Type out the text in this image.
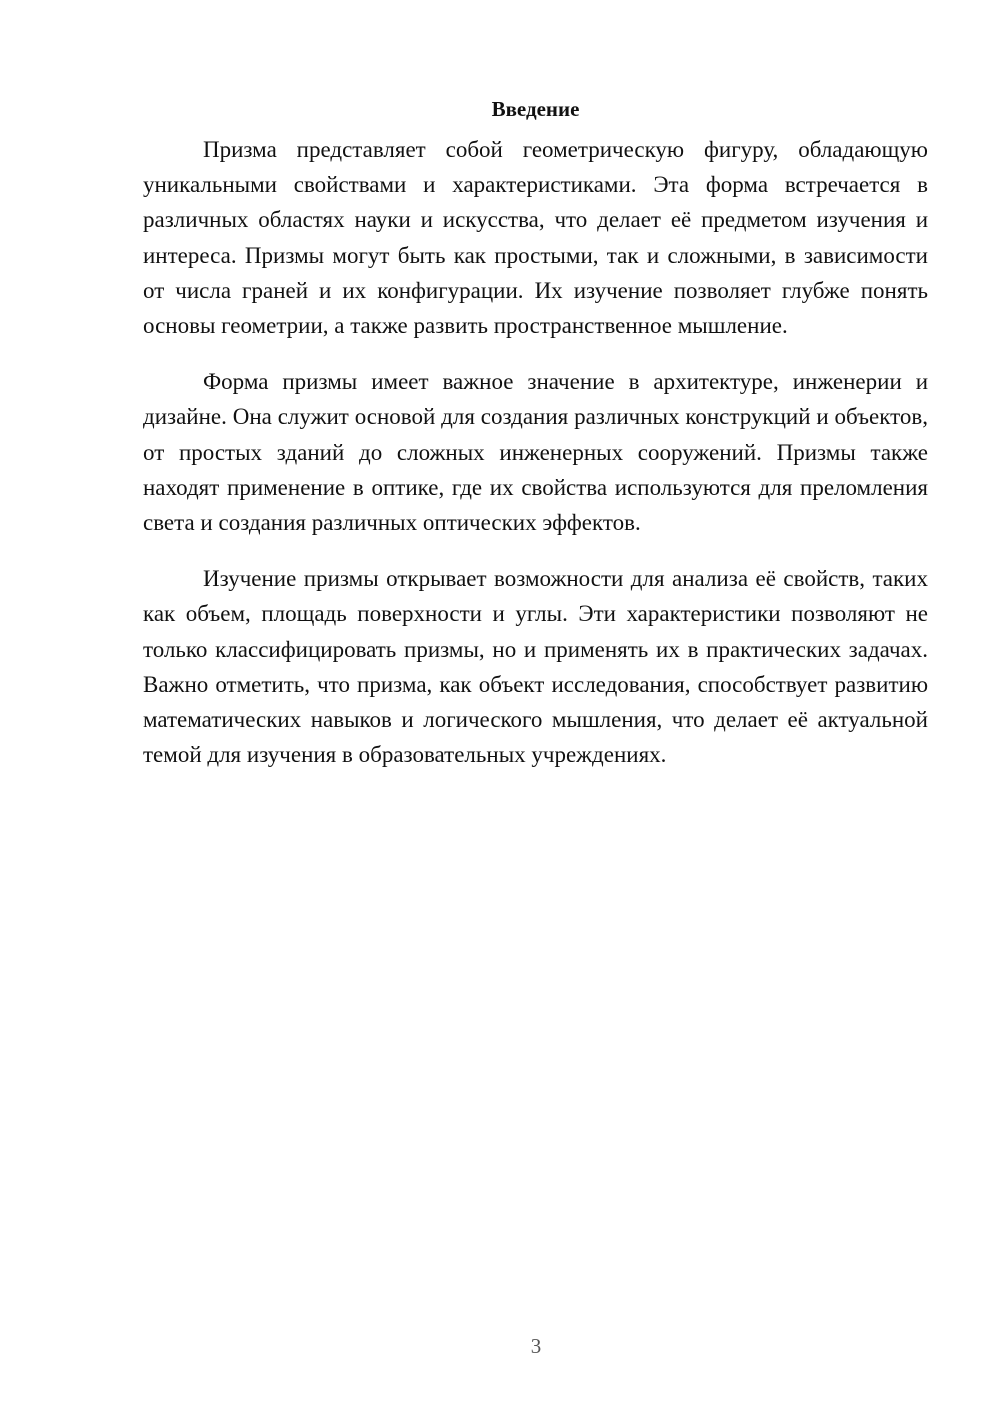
Введение

Призма представляет собой геометрическую фигуру, обладающую уникальными свойствами и характеристиками. Эта форма встречается в различных областях науки и искусства, что делает её предметом изучения и интереса. Призмы могут быть как простыми, так и сложными, в зависимости от числа граней и их конфигурации. Их изучение позволяет глубже понять основы геометрии, а также развить пространственное мышление.

Форма призмы имеет важное значение в архитектуре, инженерии и дизайне. Она служит основой для создания различных конструкций и объектов, от простых зданий до сложных инженерных сооружений. Призмы также находят применение в оптике, где их свойства используются для преломления света и создания различных оптических эффектов.

Изучение призмы открывает возможности для анализа её свойств, таких как объем, площадь поверхности и углы. Эти характеристики позволяют не только классифицировать призмы, но и применять их в практических задачах. Важно отметить, что призма, как объект исследования, способствует развитию математических навыков и логического мышления, что делает её актуальной темой для изучения в образовательных учреждениях.

3
